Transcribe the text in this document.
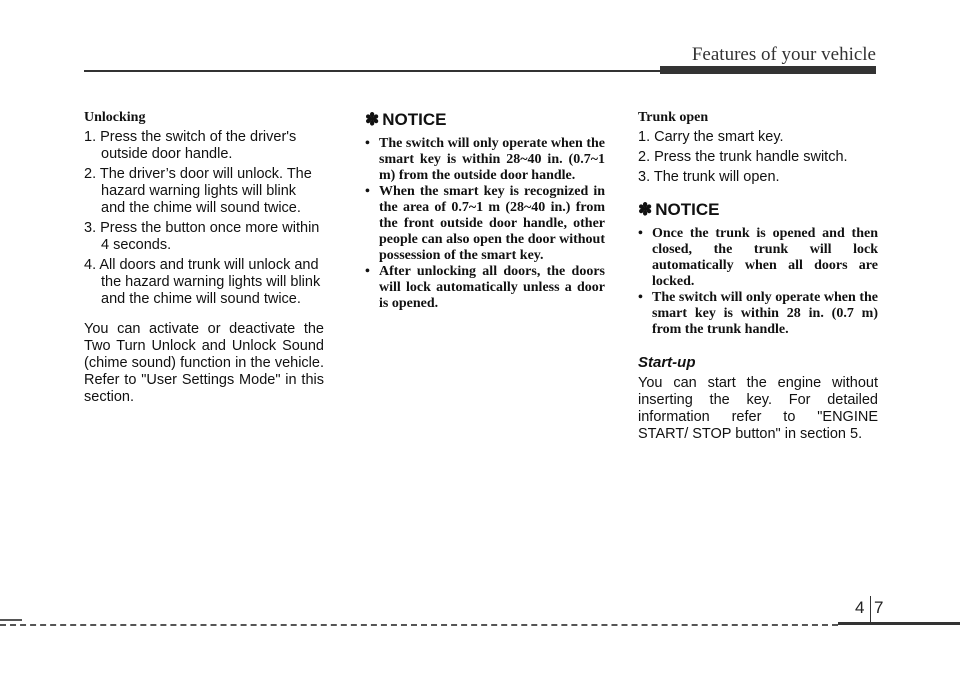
Features of your vehicle
Unlocking
1. Press the switch of the driver's outside door handle.
2. The driver’s door will unlock. The hazard warning lights will blink and the chime will sound twice.
3. Press the button once more within 4 seconds.
4. All doors and trunk will unlock and the hazard warning lights will blink and the chime will sound twice.
You can activate or deactivate the Two Turn Unlock and Unlock Sound (chime sound) function in the vehicle. Refer to "User Settings Mode" in this section.
✽ NOTICE
• The switch will only operate when the smart key is within 28~40 in. (0.7~1 m) from the outside door handle.
• When the smart key is recognized in the area of 0.7~1 m (28~40 in.) from the front outside door handle, other people can also open the door without possession of the smart key.
• After unlocking all doors, the doors will lock automatically unless a door is opened.
Trunk open
1. Carry the smart key.
2. Press the trunk handle switch.
3. The trunk will open.
✽ NOTICE
• Once the trunk is opened and then closed, the trunk will lock automatically when all doors are locked.
• The switch will only operate when the smart key is within 28 in. (0.7 m) from the trunk handle.
Start-up
You can start the engine without inserting the key. For detailed information refer to "ENGINE START/ STOP button" in section 5.
4 7
